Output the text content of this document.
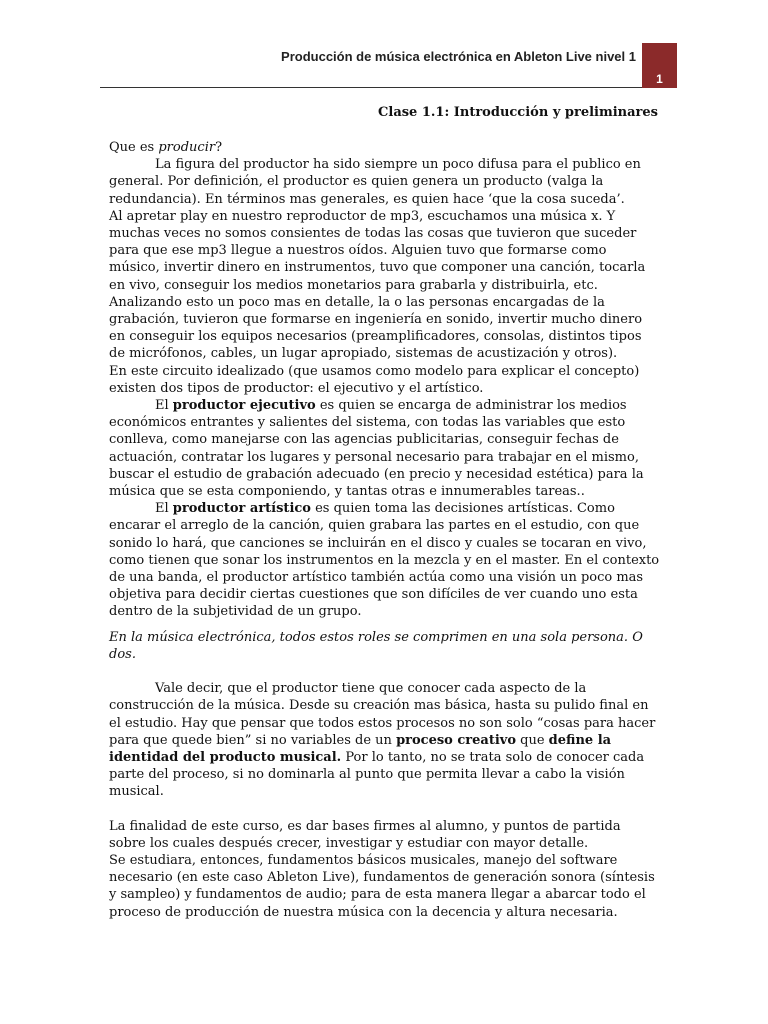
Producción de música electrónica en Ableton Live nivel 1
1
Clase 1.1: Introducción y preliminares

Que es producir?

La figura del productor ha sido siempre un poco difusa para el publico en general. Por definición, el productor es quien genera un producto (valga la redundancia). En términos mas generales, es quien hace ‘que la cosa suceda’.

Al apretar play en nuestro reproductor de mp3, escuchamos una música x. Y muchas veces no somos consientes de todas las cosas que tuvieron que suceder para que ese mp3 llegue a nuestros oídos. Alguien tuvo que formarse como músico, invertir dinero en instrumentos, tuvo que componer una canción, tocarla en vivo, conseguir los medios monetarios para grabarla y distribuirla, etc. Analizando esto un poco mas en detalle, la o las personas encargadas de la grabación, tuvieron que formarse en ingeniería en sonido, invertir mucho dinero en conseguir los equipos necesarios (preamplificadores, consolas, distintos tipos de micrófonos, cables, un lugar apropiado, sistemas de acustización y otros).

En este circuito idealizado (que usamos como modelo para explicar el concepto) existen dos tipos de productor: el ejecutivo y el artístico.

El productor ejecutivo es quien se encarga de administrar los medios económicos entrantes y salientes del sistema, con todas las variables que esto conlleva, como manejarse con las agencias publicitarias, conseguir fechas de actuación, contratar los lugares y personal necesario para trabajar en el mismo, buscar el estudio de grabación adecuado (en precio y necesidad estética) para la música que se esta componiendo, y tantas otras e innumerables tareas..

El productor artístico es quien toma las decisiones artísticas. Como encarar el arreglo de la canción, quien grabara las partes en el estudio, con que sonido lo hará, que canciones se incluirán en el disco y cuales se tocaran en vivo, como tienen que sonar los instrumentos en la mezcla y en el master. En el contexto de una banda, el productor artístico también actúa como una visión un poco mas objetiva para decidir ciertas cuestiones que son difíciles de ver cuando uno esta dentro de la subjetividad de un grupo.

En la música electrónica, todos estos roles se comprimen en una sola persona. O dos.

Vale decir, que el productor tiene que conocer cada aspecto de la construcción de la música. Desde su creación mas básica, hasta su pulido final en el estudio. Hay que pensar que todos estos procesos no son solo “cosas para hacer para que quede bien” si no variables de un proceso creativo que define la identidad del producto musical. Por lo tanto, no se trata solo de conocer cada parte del proceso, si no dominarla al punto que permita llevar a cabo la visión musical.

La finalidad de este curso, es dar bases firmes al alumno, y puntos de partida sobre los cuales después crecer, investigar y estudiar con mayor detalle.

Se estudiara, entonces, fundamentos básicos musicales, manejo del software necesario (en este caso Ableton Live), fundamentos de generación sonora (síntesis y sampleo) y fundamentos de audio; para de esta manera llegar a abarcar todo el proceso de producción de nuestra música con la decencia y altura necesaria.
